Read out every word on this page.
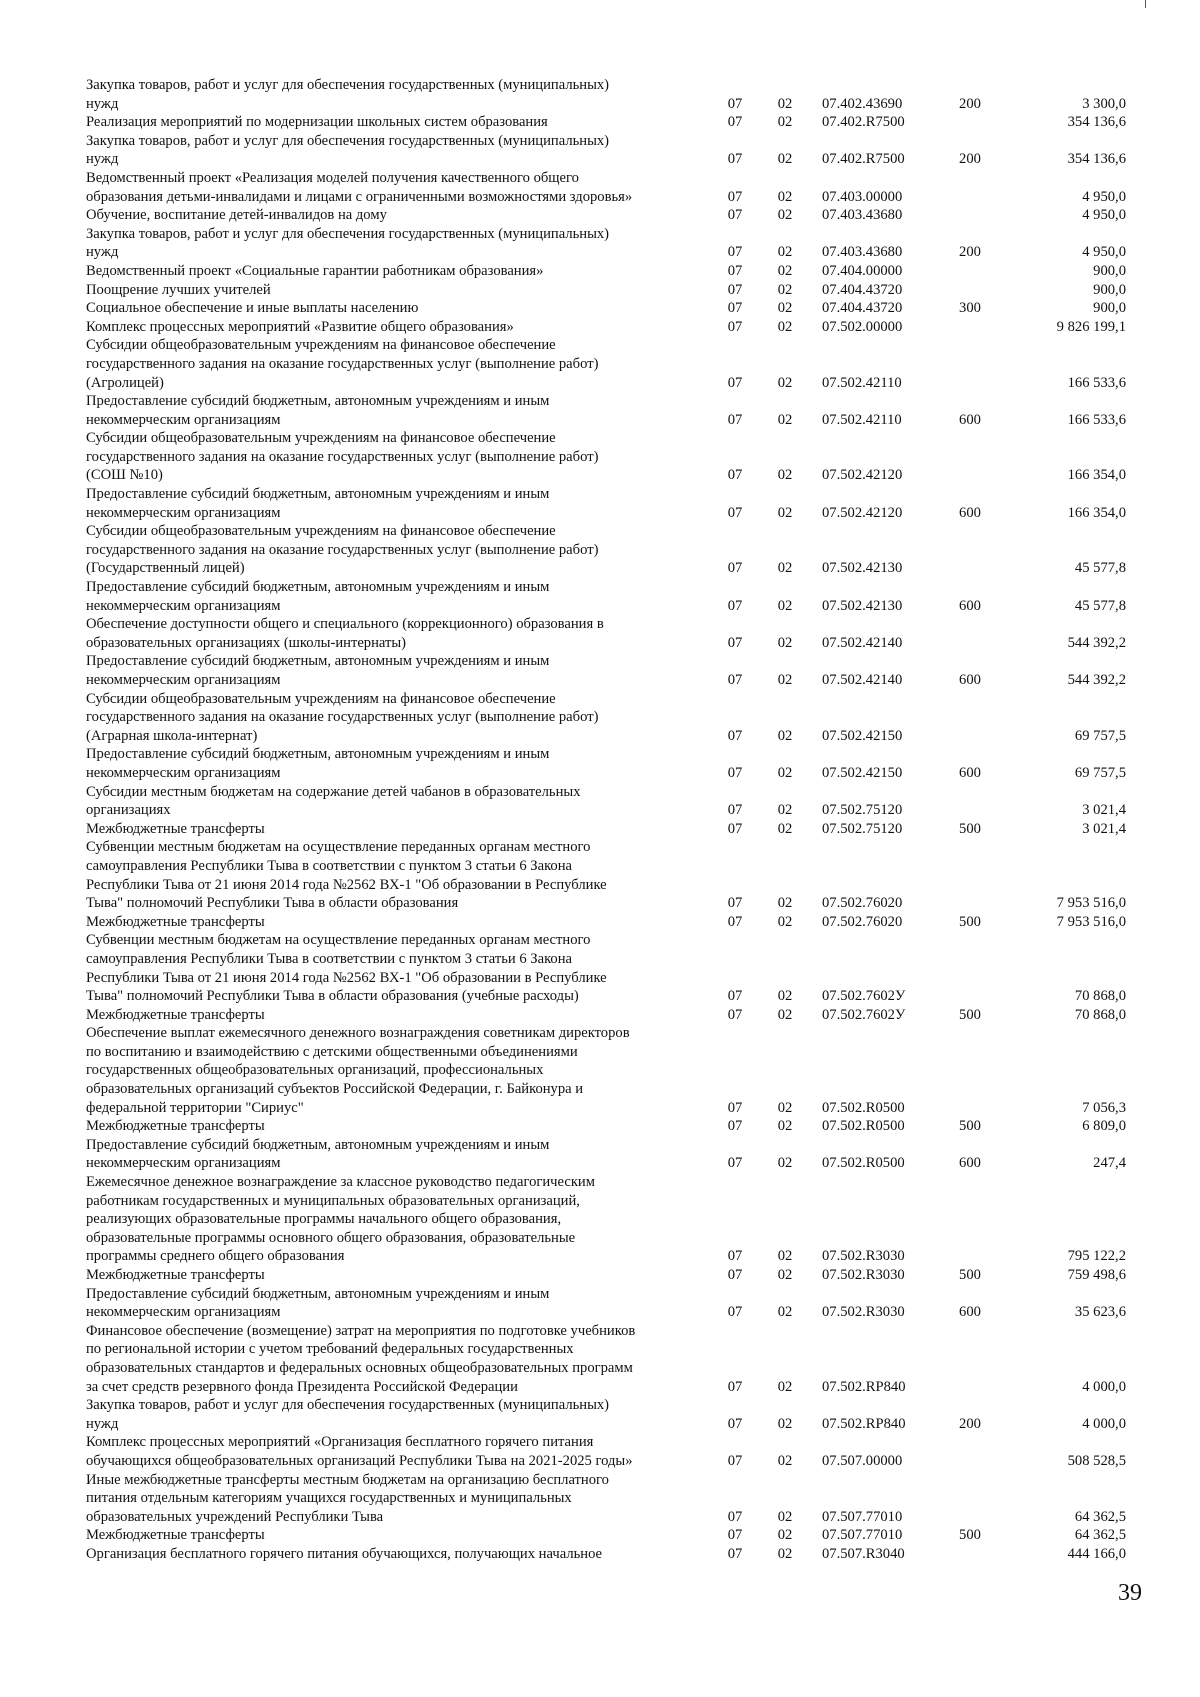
Закупка товаров, работ и услуг для обеспечения государственных (муниципальных)
нужд	07	02	07.402.43690	200	3 300,0
Реализация мероприятий по модернизации школьных систем образования	07	02	07.402.R7500		354 136,6
Закупка товаров, работ и услуг для обеспечения государственных (муниципальных)
нужд	07	02	07.402.R7500	200	354 136,6
Ведомственный проект «Реализация моделей получения качественного общего
образования детьми-инвалидами и лицами с ограниченными возможностями здоровья»	07	02	07.403.00000		4 950,0
Обучение, воспитание детей-инвалидов на дому	07	02	07.403.43680		4 950,0
Закупка товаров, работ и услуг для обеспечения государственных (муниципальных)
нужд	07	02	07.403.43680	200	4 950,0
Ведомственный проект «Социальные гарантии работникам образования»	07	02	07.404.00000		900,0
Поощрение лучших учителей	07	02	07.404.43720		900,0
Социальное обеспечение и иные выплаты населению	07	02	07.404.43720	300	900,0
Комплекс процессных мероприятий «Развитие общего образования»	07	02	07.502.00000		9 826 199,1
Субсидии общеобразовательным учреждениям на финансовое обеспечение
государственного задания на оказание государственных услуг (выполнение работ)
(Агролицей)	07	02	07.502.42110		166 533,6
Предоставление субсидий бюджетным, автономным учреждениям и иным
некоммерческим организациям	07	02	07.502.42110	600	166 533,6
Субсидии общеобразовательным учреждениям на финансовое обеспечение
государственного задания на оказание государственных услуг (выполнение работ)
(СОШ №10)	07	02	07.502.42120		166 354,0
Предоставление субсидий бюджетным, автономным учреждениям и иным
некоммерческим организациям	07	02	07.502.42120	600	166 354,0
Субсидии общеобразовательным учреждениям на финансовое обеспечение
государственного задания на оказание государственных услуг (выполнение работ)
(Государственный лицей)	07	02	07.502.42130		45 577,8
Предоставление субсидий бюджетным, автономным учреждениям и иным
некоммерческим организациям	07	02	07.502.42130	600	45 577,8
Обеспечение доступности общего и специального (коррекционного) образования в
образовательных организациях (школы-интернаты)	07	02	07.502.42140		544 392,2
Предоставление субсидий бюджетным, автономным учреждениям и иным
некоммерческим организациям	07	02	07.502.42140	600	544 392,2
Субсидии общеобразовательным учреждениям на финансовое обеспечение
государственного задания на оказание государственных услуг (выполнение работ)
(Аграрная школа-интернат)	07	02	07.502.42150		69 757,5
Предоставление субсидий бюджетным, автономным учреждениям и иным
некоммерческим организациям	07	02	07.502.42150	600	69 757,5
Субсидии местным бюджетам на содержание детей чабанов в образовательных
организациях	07	02	07.502.75120		3 021,4
Межбюджетные трансферты	07	02	07.502.75120	500	3 021,4
Субвенции местным бюджетам на осуществление переданных органам местного
самоуправления Республики Тыва в соответствии с пунктом 3 статьи 6 Закона
Республики Тыва от 21 июня 2014 года №2562 ВХ-1 "Об образовании в Республике
Тыва" полномочий Республики Тыва в области образования	07	02	07.502.76020		7 953 516,0
Межбюджетные трансферты	07	02	07.502.76020	500	7 953 516,0
Субвенции местным бюджетам на осуществление переданных органам местного
самоуправления Республики Тыва в соответствии с пунктом 3 статьи 6 Закона
Республики Тыва от 21 июня 2014 года №2562 ВХ-1 "Об образовании в Республике
Тыва" полномочий Республики Тыва в области образования (учебные расходы)	07	02	07.502.7602У		70 868,0
Межбюджетные трансферты	07	02	07.502.7602У	500	70 868,0
Обеспечение выплат ежемесячного денежного вознаграждения советникам директоров
по воспитанию и взаимодействию с детскими общественными объединениями
государственных общеобразовательных организаций, профессиональных
образовательных организаций субъектов Российской Федерации, г. Байконура и
федеральной территории "Сириус"	07	02	07.502.R0500		7 056,3
Межбюджетные трансферты	07	02	07.502.R0500	500	6 809,0
Предоставление субсидий бюджетным, автономным учреждениям и иным
некоммерческим организациям	07	02	07.502.R0500	600	247,4
Ежемесячное денежное вознаграждение за классное руководство педагогическим
работникам государственных и муниципальных образовательных организаций,
реализующих образовательные программы начального общего образования,
образовательные программы основного общего образования, образовательные
программы среднего общего образования	07	02	07.502.R3030		795 122,2
Межбюджетные трансферты	07	02	07.502.R3030	500	759 498,6
Предоставление субсидий бюджетным, автономным учреждениям и иным
некоммерческим организациям	07	02	07.502.R3030	600	35 623,6
Финансовое обеспечение (возмещение) затрат на мероприятия по подготовке учебников
по региональной истории с учетом требований федеральных государственных
образовательных стандартов и федеральных основных общеобразовательных программ
за счет средств резервного фонда Президента Российской Федерации	07	02	07.502.RP840		4 000,0
Закупка товаров, работ и услуг для обеспечения государственных (муниципальных)
нужд	07	02	07.502.RP840	200	4 000,0
Комплекс процессных мероприятий «Организация бесплатного горячего питания
обучающихся общеобразовательных организаций Республики Тыва на 2021-2025 годы»	07	02	07.507.00000		508 528,5
Иные межбюджетные трансферты местным бюджетам на организацию бесплатного
питания отдельным категориям учащихся государственных и муниципальных
образовательных учреждений Республики Тыва	07	02	07.507.77010		64 362,5
Межбюджетные трансферты	07	02	07.507.77010	500	64 362,5
Организация бесплатного горячего питания обучающихся, получающих начальное	07	02	07.507.R3040		444 166,0
39
